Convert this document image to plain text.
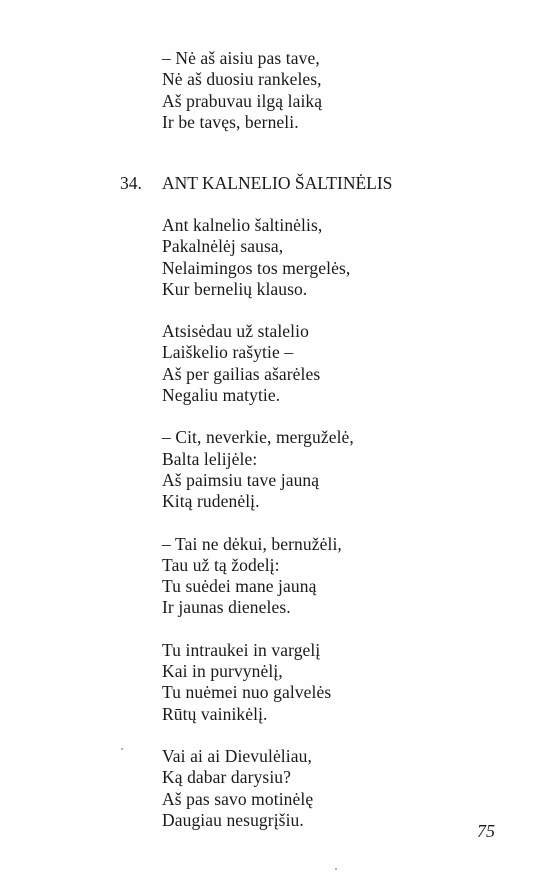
– Nė aš aisiu pas tave,
Nė aš duosiu rankeles,
Aš prabuvau ilgą laiką
Ir be tavęs, berneli.
34. ANT KALNELIO ŠALTINĖLIS
Ant kalnelio šaltinėlis,
Pakalnėlėj sausa,
Nelaimingos tos mergelės,
Kur bernelių klauso.
Atsisėdau už stalelio
Laiškelio rašytie –
Aš per gailias ašarėles
Negaliu matytie.
– Cit, neverkie, merguželė,
Balta lelijėle:
Aš paimsiu tave jauną
Kitą rudenėlį.
– Tai ne dėkui, bernužėli,
Tau už tą žodelį:
Tu suėdei mane jauną
Ir jaunas dieneles.
Tu intraukei in vargelį
Kai in purvynėlį,
Tu nuėmei nuo galvelės
Rūtų vainikėlį.
Vai ai ai Dievulėliau,
Ką dabar darysiu?
Aš pas savo motinėlę
Daugiau nesugrįšiu.
75
